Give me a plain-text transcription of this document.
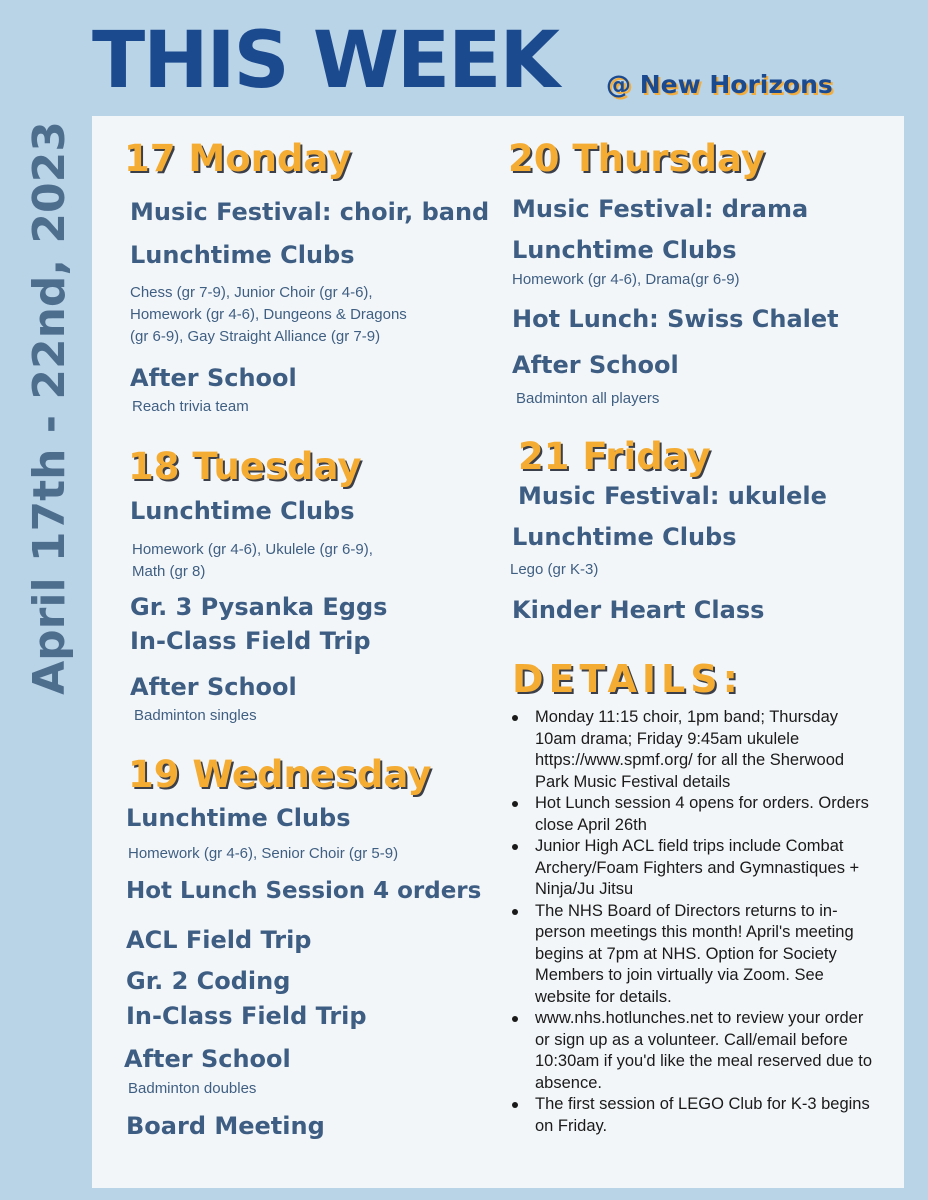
THIS WEEK @ New Horizons
April 17th - 22nd, 2023 17 Monday
Music Festival: choir, band
Lunchtime Clubs
Chess (gr 7-9), Junior Choir (gr 4-6),
Homework (gr 4-6), Dungeons & Dragons
(gr 6-9), Gay Straight Alliance (gr 7-9)
After School
Reach trivia team
18 Tuesday
Lunchtime Clubs
Homework (gr 4-6), Ukulele (gr 6-9),
Math (gr 8)
Gr. 3 Pysanka Eggs
In-Class Field Trip
After School
Badminton singles
19 Wednesday
Lunchtime Clubs
Homework (gr 4-6), Senior Choir (gr 5-9)
Hot Lunch Session 4 orders
ACL Field Trip
Gr. 2 Coding
In-Class Field Trip
After School
Badminton doubles
Board Meeting
20 Thursday
Music Festival: drama
Lunchtime Clubs
Homework (gr 4-6), Drama(gr 6-9)
Hot Lunch: Swiss Chalet
After School
Badminton all players
21 Friday
Music Festival: ukulele
Lunchtime Clubs
Lego (gr K-3)
Kinder Heart Class
DETAILS:
Monday 11:15 choir, 1pm band; Thursday 10am drama; Friday 9:45am ukulele https://www.spmf.org/ for all the Sherwood Park Music Festival details
Hot Lunch session 4 opens for orders. Orders close April 26th
Junior High ACL field trips include Combat Archery/Foam Fighters and Gymnastiques + Ninja/Ju Jitsu
The NHS Board of Directors returns to in-person meetings this month! April's meeting begins at 7pm at NHS. Option for Society Members to join virtually via Zoom. See website for details.
www.nhs.hotlunches.net to review your order or sign up as a volunteer. Call/email before 10:30am if you'd like the meal reserved due to absence.
The first session of LEGO Club for K-3 begins on Friday.
